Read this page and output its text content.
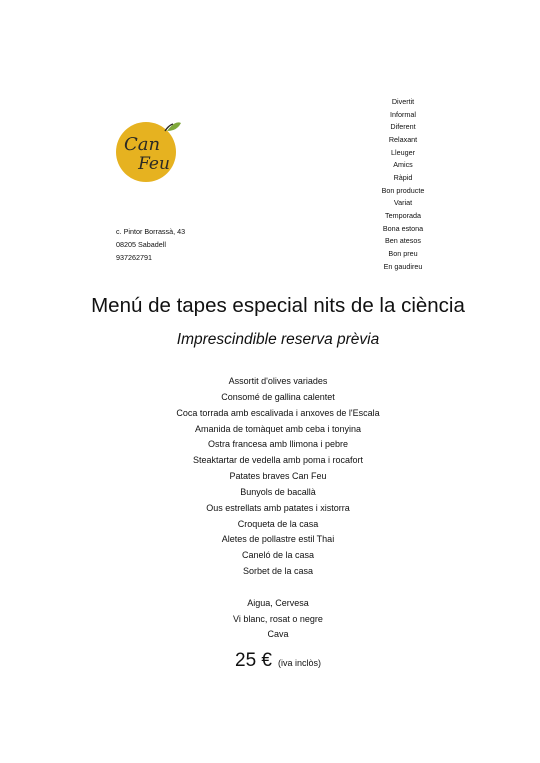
Can
Feu
c. Pintor Borrassà, 43
08205 Sabadell
937262791
Divertit
Informal
Diferent
Relaxant
Lleuger
Amics
Ràpid
Bon producte
Variat
Temporada
Bona estona
Ben atesos
Bon preu
En gaudireu
Menú de tapes especial nits de la ciència
Imprescindible reserva prèvia
Assortit d'olives variades
Consomé de gallina calentet
Coca torrada amb escalivada i anxoves de l'Escala
Amanida de tomàquet amb ceba i tonyina
Ostra francesa amb llimona i pebre
Steaktartar de vedella amb poma i rocafort
Patates braves Can Feu
Bunyols de bacallà
Ous estrellats amb patates i xistorra
Croqueta de la casa
Aletes de pollastre estil Thai
Caneló de la casa
Sorbet de la casa
Aigua, Cervesa
Vi blanc, rosat o negre
Cava
25 € (iva inclòs)
